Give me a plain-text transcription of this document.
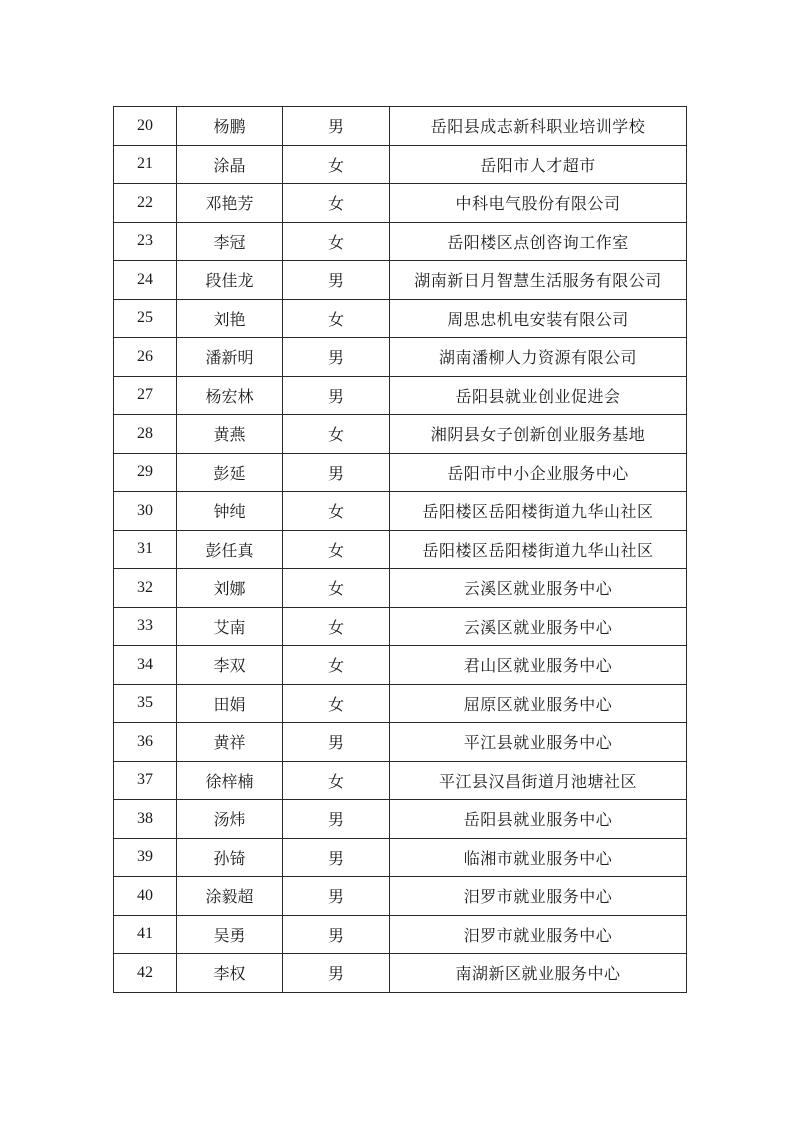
20	杨鹏	男	岳阳县成志新科职业培训学校
21	涂晶	女	岳阳市人才超市
22	邓艳芳	女	中科电气股份有限公司
23	李冠	女	岳阳楼区点创咨询工作室
24	段佳龙	男	湖南新日月智慧生活服务有限公司
25	刘艳	女	周思忠机电安装有限公司
26	潘新明	男	湖南潘柳人力资源有限公司
27	杨宏林	男	岳阳县就业创业促进会
28	黄燕	女	湘阴县女子创新创业服务基地
29	彭延	男	岳阳市中小企业服务中心
30	钟纯	女	岳阳楼区岳阳楼街道九华山社区
31	彭任真	女	岳阳楼区岳阳楼街道九华山社区
32	刘娜	女	云溪区就业服务中心
33	艾南	女	云溪区就业服务中心
34	李双	女	君山区就业服务中心
35	田娟	女	屈原区就业服务中心
36	黄祥	男	平江县就业服务中心
37	徐梓楠	女	平江县汉昌街道月池塘社区
38	汤炜	男	岳阳县就业服务中心
39	孙锜	男	临湘市就业服务中心
40	涂毅超	男	汨罗市就业服务中心
41	吴勇	男	汨罗市就业服务中心
42	李权	男	南湖新区就业服务中心
